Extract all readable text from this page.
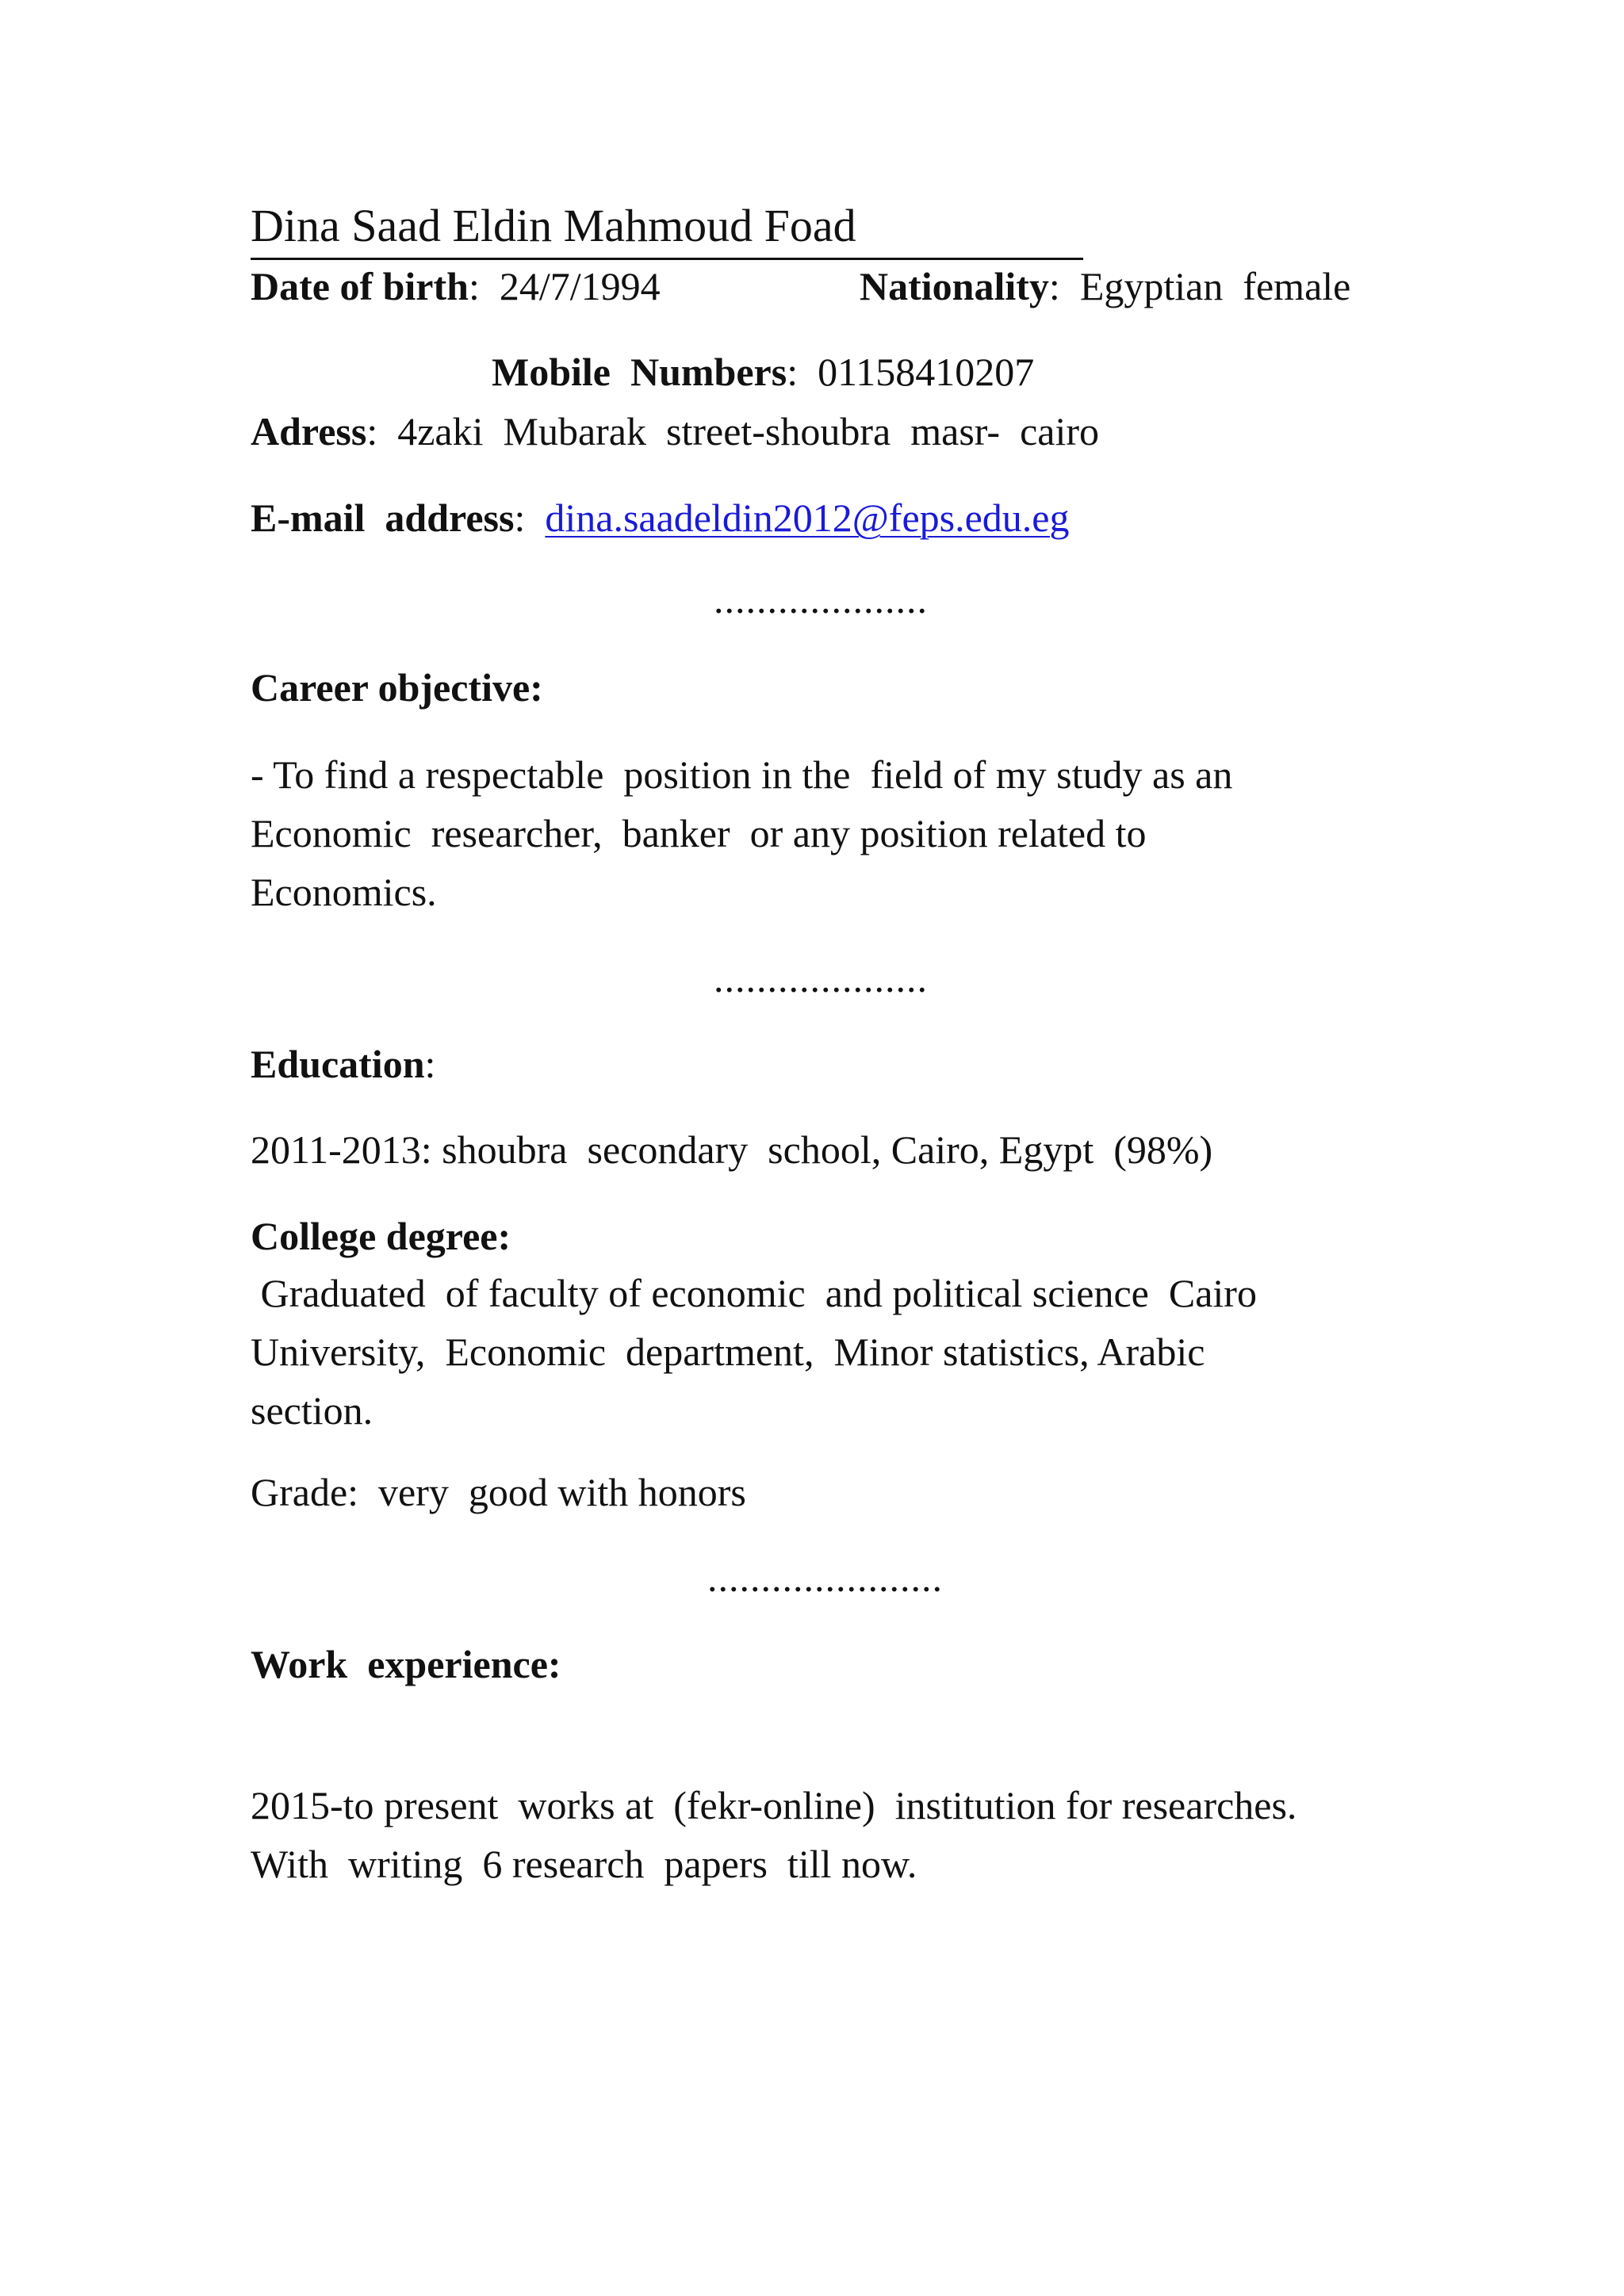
Dina Saad Eldin Mahmoud Foad
Date of birth:  24/7/1994	Nationality:  Egyptian  female
Mobile  Numbers:  01158410207
Adress:  4zaki  Mubarak  street-shoubra  masr-  cairo
E-mail  address:  dina.saadeldin2012@feps.edu.eg
....................
Career objective:
- To find a respectable  position in the  field of my study as an
Economic  researcher,  banker  or any position related to
Economics.
....................
Education:
2011-2013: shoubra  secondary  school, Cairo, Egypt  (98%)
College degree:
Graduated  of faculty of economic  and political science  Cairo
University,  Economic  department,  Minor statistics, Arabic
section.
Grade:  very  good with honors
......................
Work  experience:
2015-to present  works at  (fekr-online)  institution for researches.
With  writing  6 research  papers  till now.
